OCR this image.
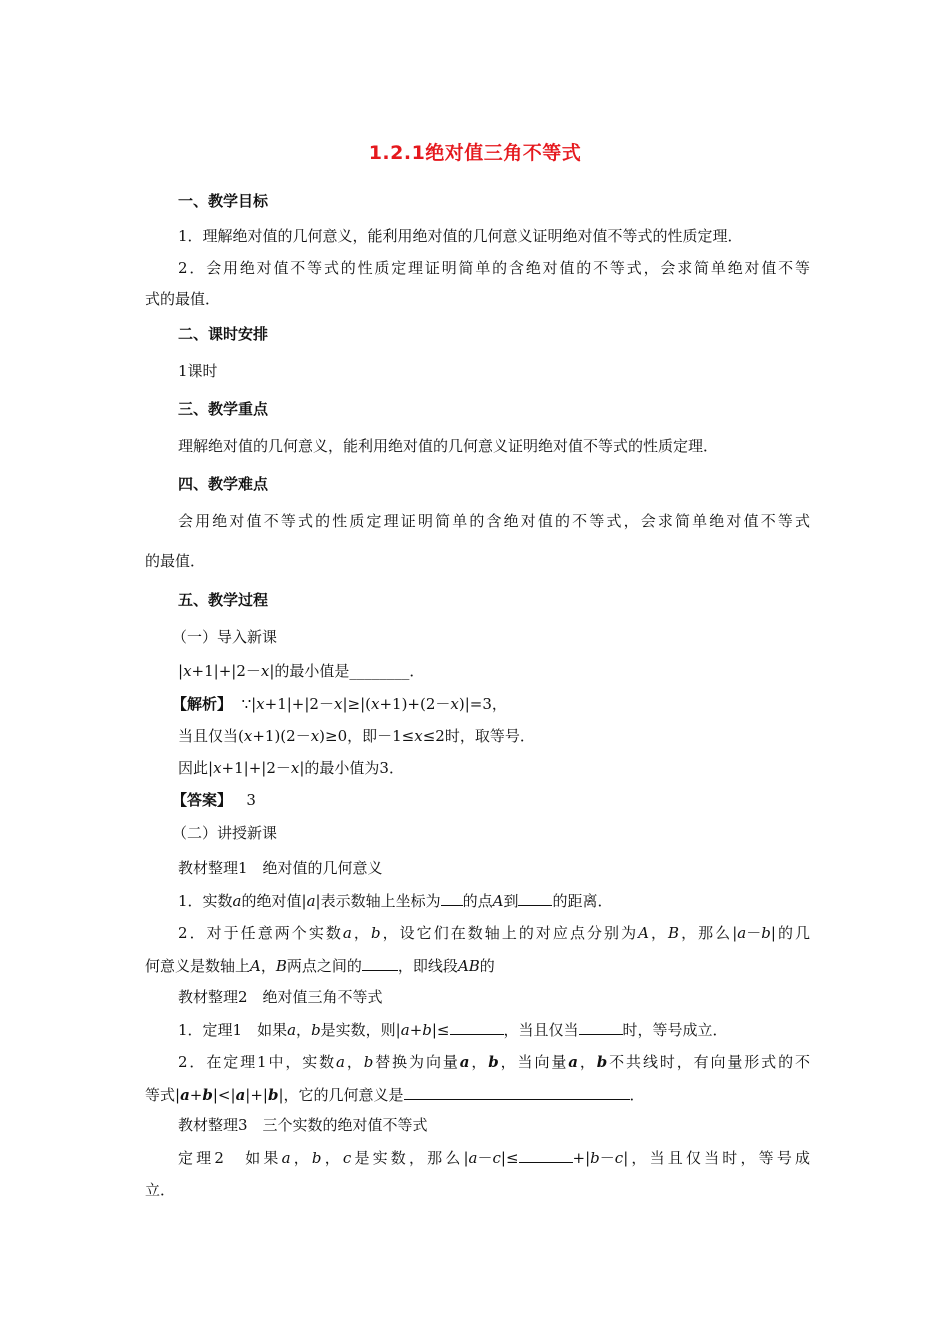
1.2.1绝对值三角不等式
一、教学目标
1．理解绝对值的几何意义，能利用绝对值的几何意义证明绝对值不等式的性质定理．
2．会用绝对值不等式的性质定理证明简单的含绝对值的不等式，会求简单绝对值不等
式的最值．
二、课时安排
1课时
三、教学重点
理解绝对值的几何意义，能利用绝对值的几何意义证明绝对值不等式的性质定理．
四、教学难点
会用绝对值不等式的性质定理证明简单的含绝对值的不等式，会求简单绝对值不等式
的最值．
五、教学过程
（一）导入新课
|x+1|+|2－x|的最小值是________．
【解析】 ∵|x+1|+|2－x|≥|(x+1)+(2－x)|=3，
当且仅当(x+1)(2－x)≥0，即－1≤x≤2时，取等号．
因此|x+1|+|2－x|的最小值为3．
【答案】 3
（二）讲授新课
教材整理1　绝对值的几何意义
1．实数a的绝对值|a|表示数轴上坐标为 的点A到 的距离．
2．对于任意两个实数a，b，设它们在数轴上的对应点分别为A，B，那么|a－b|的几
何意义是数轴上A，B两点之间的 ，即线段AB的
教材整理2　绝对值三角不等式
1．定理1　如果a，b是实数，则|a+b|≤	，当且仅当	时，等号成立．
2．在定理1中，实数a，b替换为向量a，b，当向量a，b不共线时，有向量形式的不
等式|a+b|<|a|+|b|，它的几何意义是	．
教材整理3　三个实数的绝对值不等式
定理2　如果a，b，c是实数，那么|a－c|≤	+|b－c|，当且仅当时，等号成
立．
